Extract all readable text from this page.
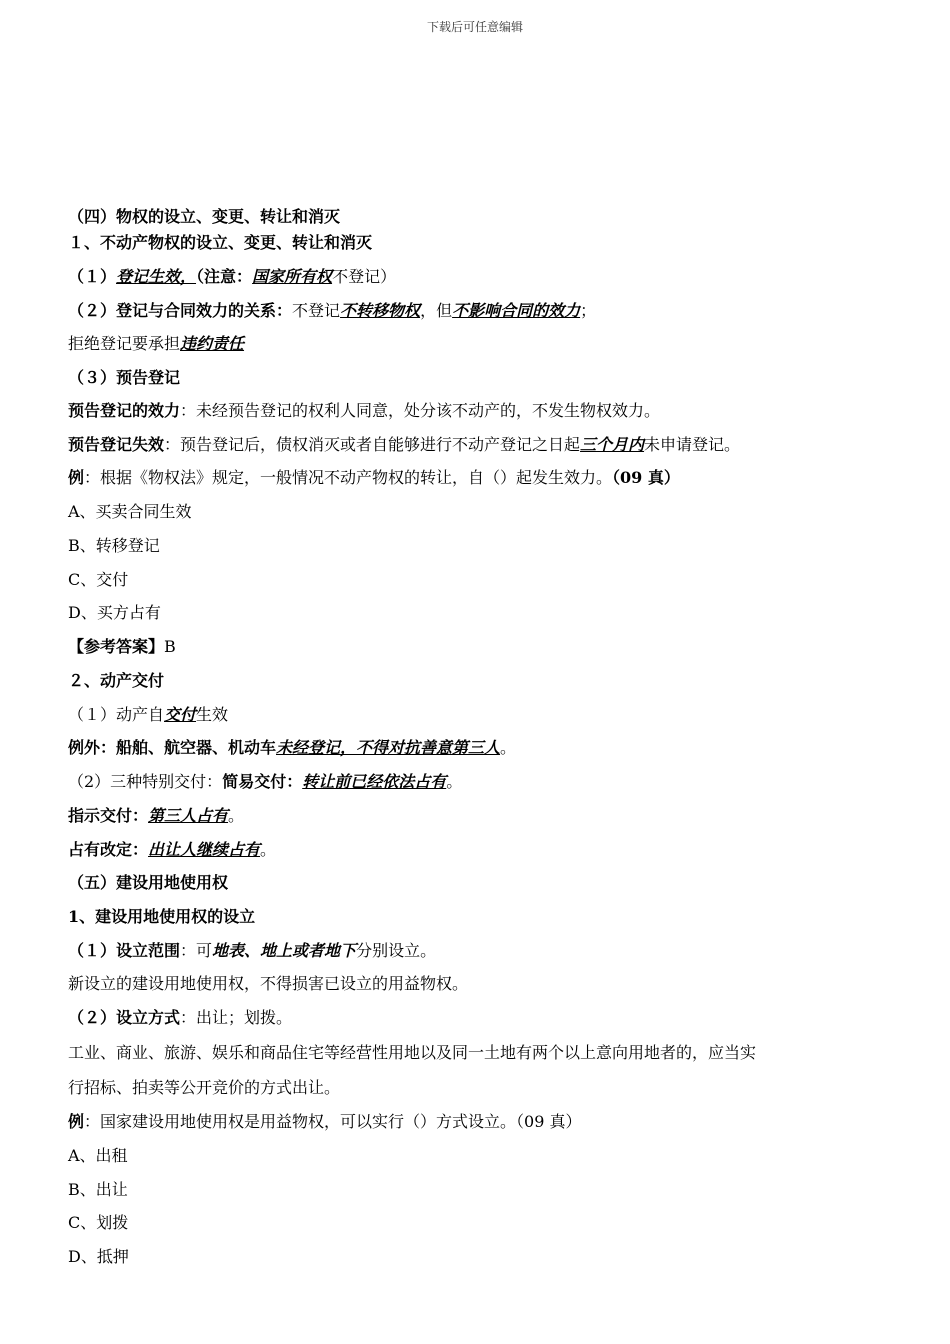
下载后可任意编辑
（四）物权的设立、变更、转让和消灭
１、不动产物权的设立、变更、转让和消灭
（１）登记生效，（注意：国家所有权不登记）
（２）登记与合同效力的关系：不登记不转移物权，但不影响合同的效力；
拒绝登记要承担违约责任
（３）预告登记
预告登记的效力：未经预告登记的权利人同意，处分该不动产的，不发生物权效力。
预告登记失效：预告登记后，债权消灭或者自能够进行不动产登记之日起三个月内未申请登记。
例：根据《物权法》规定，一般情况不动产物权的转让，自（）起发生效力。（09 真）
A、买卖合同生效
B、转移登记
C、交付
D、买方占有
【参考答案】B
２、动产交付
（１）动产自交付生效
例外：船舶、航空器、机动车未经登记，不得对抗善意第三人。
（2）三种特别交付：简易交付：转让前已经依法占有。
指示交付：第三人占有。
占有改定：出让人继续占有。
（五）建设用地使用权
1、建设用地使用权的设立
（１）设立范围：可地表、地上或者地下分别设立。
新设立的建设用地使用权，不得损害已设立的用益物权。
（２）设立方式：出让；划拨。
工业、商业、旅游、娱乐和商品住宅等经营性用地以及同一土地有两个以上意向用地者的，应当实
行招标、拍卖等公开竞价的方式出让。
例：国家建设用地使用权是用益物权，可以实行（）方式设立。（09 真）
A、出租
B、出让
C、划拨
D、抵押
